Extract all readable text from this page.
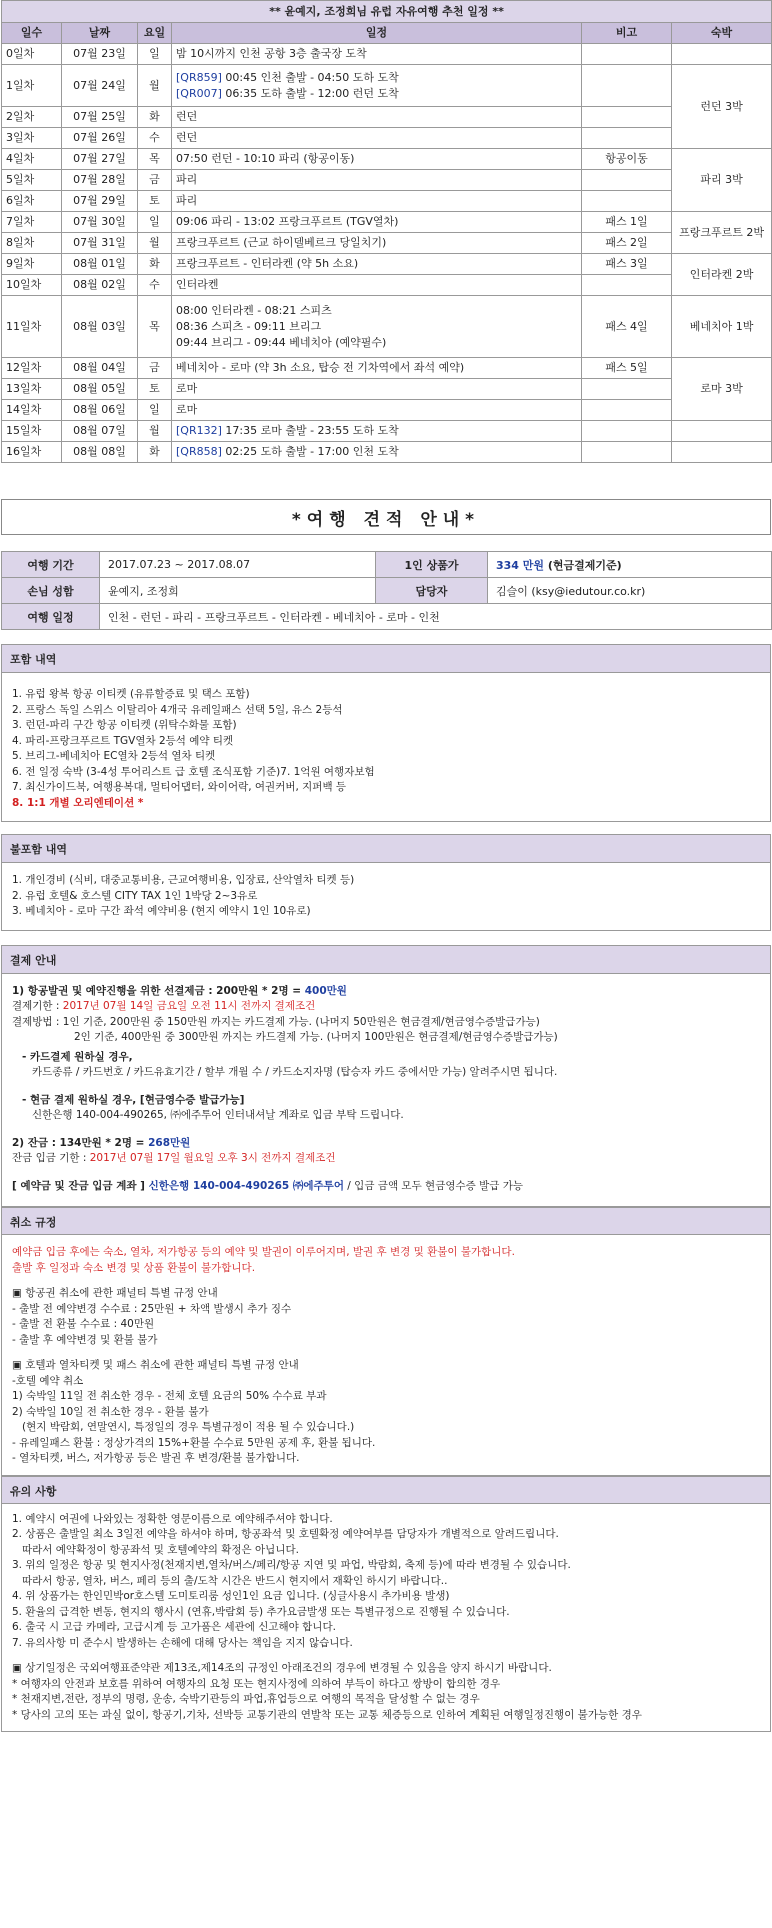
** 윤예지, 조정희님 유럽 자유여행 추천 일정 **					
일수	날짜	요일	일정	비고	숙박
0일차	07월 23일	일	밤 10시까지 인천 공항 3층 출국장 도착		

1일차	07월 24일	월	[QR859] 00:45 인천 출발 - 04:50 도하 도착
[QR007] 06:35 도하 출발 - 12:00 런던 도착		런던 3박
2일차	07월 25일	화	런던		

3일차	07월 26일	수	런던		

4일차	07월 27일	목	07:50 런던 - 10:10 파리 (항공이동)	항공이동	파리 3박
5일차	07월 28일	금	파리		

6일차	07월 29일	토	파리		

7일차	07월 30일	일	09:06 파리 - 13:02 프랑크푸르트 (TGV열차)	패스 1일	프랑크푸르트 2박
8일차	07월 31일	월	프랑크푸르트 (근교 하이델베르크 당일치기)	패스 2일	
9일차	08월 01일	화	프랑크푸르트 - 인터라켄 (약 5h 소요)	패스 3일	인터라켄 2박
10일차	08월 02일	수	인터라켄		

11일차	08월 03일	목	08:00 인터라켄 - 08:21 스피츠
08:36 스피츠 - 09:11 브리그
09:44 브리그 - 09:44 베네치아 (예약필수)	패스 4일	베네치아 1박
12일차	08월 04일	금	베네치아 - 로마 (약 3h 소요, 탑승 전 기차역에서 좌석 예약)	패스 5일	로마 3박
13일차	08월 05일	토	로마		

14일차	08월 06일	일	로마		

15일차	08월 07일	월	[QR132] 17:35 로마 출발 - 23:55 도하 도착		

16일차	08월 08일	화	[QR858] 02:25 도하 출발 - 17:00 인천 도착		

*여행 견적 안내*
여행 기간	2017.07.23 ~ 2017.08.07	1인 상품가	334 만원 (현금결제기준)
손님 성함	윤예지, 조정희	담당자	김슬이 (ksy@iedutour.co.kr)
여행 일정	인천 - 런던 - 파리 - 프랑크푸르트 - 인터라켄 - 베네치아 - 로마 - 인천		
포함 내역
1. 유럽 왕복 항공 이티켓 (유류할증료 및 택스 포함)
2. 프랑스 독일 스위스 이탈리아 4개국 유레일패스 선택 5일, 유스 2등석
3. 런던-파리 구간 항공 이티켓 (위탁수화물 포함)
4. 파리-프랑크푸르트 TGV열차 2등석 예약 티켓
5. 브리그-베네치아 EC열차 2등석 열차 티켓
6. 전 일정 숙박 (3-4성 투어리스트 급 호텔 조식포함 기준)7. 1억원 여행자보험
7. 최신가이드북, 여행용복대, 멀티어댑터, 와이어락, 여권커버, 지퍼백 등
8. 1:1 개별 오리엔테이션 *
불포함 내역
1. 개인경비 (식비, 대중교통비용, 근교여행비용, 입장료, 산악열차 티켓 등)
2. 유럽 호텔& 호스텔 CITY TAX 1인 1박당 2~3유로
3. 베네치아 - 로마 구간 좌석 예약비용 (현지 예약시 1인 10유로)
결제 안내
1) 항공발권 및 예약진행을 위한 선결제금 : 200만원 * 2명 = 400만원
결제기한 : 2017년 07월 14일 금요일 오전 11시 전까지 결제조건
결제방법 : 1인 기준, 200만원 중 150만원 까지는 카드결제 가능. (나머지 50만원은 현금결제/현금영수증발급가능)
2인 기준, 400만원 중 300만원 까지는 카드결제 가능. (나머지 100만원은 현금결제/현금영수증발급가능)
- 카드결제 원하실 경우,
카드종류 / 카드번호 / 카드유효기간 / 할부 개월 수 / 카드소지자명 (탑승자 카드 중에서만 가능) 알려주시면 됩니다.
- 현금 결제 원하실 경우, [현금영수증 발급가능]
신한은행 140-004-490265, ㈜에주투어 인터내셔날 계좌로 입금 부탁 드립니다.
2) 잔금 : 134만원 * 2명 = 268만원
잔금 입금 기한 : 2017년 07월 17일 월요일 오후 3시 전까지 결제조건
[ 예약금 및 잔금 입금 계좌 ] 신한은행 140-004-490265 ㈜에주투어 / 입금 금액 모두 현금영수증 발급 가능
취소 규정
예약금 입금 후에는 숙소, 열차, 저가항공 등의 예약 및 발권이 이루어지며, 발권 후 변경 및 환불이 불가합니다.
출발 후 일정과 숙소 변경 및 상품 환불이 불가합니다.
▣ 항공권 취소에 관한 패널티 특별 규정 안내
- 출발 전 예약변경 수수료 : 25만원 + 차액 발생시 추가 징수
- 출발 전 환불 수수료 : 40만원
- 출발 후 예약변경 및 환불 불가
▣ 호텔과 열차티켓 및 패스 취소에 관한 패널티 특별 규정 안내
-호텔 예약 취소
1) 숙박일 11일 전 취소한 경우 - 전체 호텔 요금의 50% 수수료 부과
2) 숙박일 10일 전 취소한 경우 - 환불 불가
(현지 박람회, 연말연시, 특정일의 경우 특별규정이 적용 될 수 있습니다.)
- 유레일패스 환불 : 정상가격의 15%+환불 수수료 5만원 공제 후, 환불 됩니다.
- 열차티켓, 버스, 저가항공 등은 발권 후 변경/환불 불가합니다.
유의 사항
1. 예약시 여권에 나와있는 정확한 영문이름으로 예약해주셔야 합니다.
2. 상품은 출발일 최소 3일전 예약을 하셔야 하며, 항공좌석 및 호텔확정 예약여부를 담당자가 개별적으로 알려드립니다.
따라서 예약확정이 항공좌석 및 호텔예약의 확정은 아닙니다.
3. 위의 일정은 항공 및 현지사정(천재지변,열차/버스/페리/항공 지연 및 파업, 박람회, 축제 등)에 따라 변경될 수 있습니다.
따라서 항공, 열차, 버스, 페리 등의 출/도착 시간은 반드시 현지에서 재확인 하시기 바랍니다..
4. 위 상품가는 한인민박or호스텔 도미토리룸 성인1인 요금 입니다. (싱글사용시 추가비용 발생)
5. 환율의 급격한 변동, 현지의 행사시 (연휴,박람회 등) 추가요금발생 또는 특별규정으로 진행될 수 있습니다.
6. 출국 시 고급 카메라, 고급시계 등 고가품은 세관에 신고해야 합니다.
7. 유의사항 미 준수시 발생하는 손해에 대해 당사는 책임을 지지 않습니다.
▣ 상기일정은 국외여행표준약관 제13조,제14조의 규정인 아래조건의 경우에 변경될 수 있음을 양지 하시기 바랍니다.
* 여행자의 안전과 보호를 위하여 여행자의 요청 또는 현지사정에 의하여 부득이 하다고 쌍방이 합의한 경우
* 천재지변,전란, 정부의 명령, 운송, 숙박기관등의 파업,휴업등으로 여행의 목적을 달성할 수 없는 경우
* 당사의 고의 또는 과실 없이, 항공기,기차, 선박등 교통기관의 연발착 또는 교통 체증등으로 인하여 계획된 여행일정진행이 불가능한 경우
